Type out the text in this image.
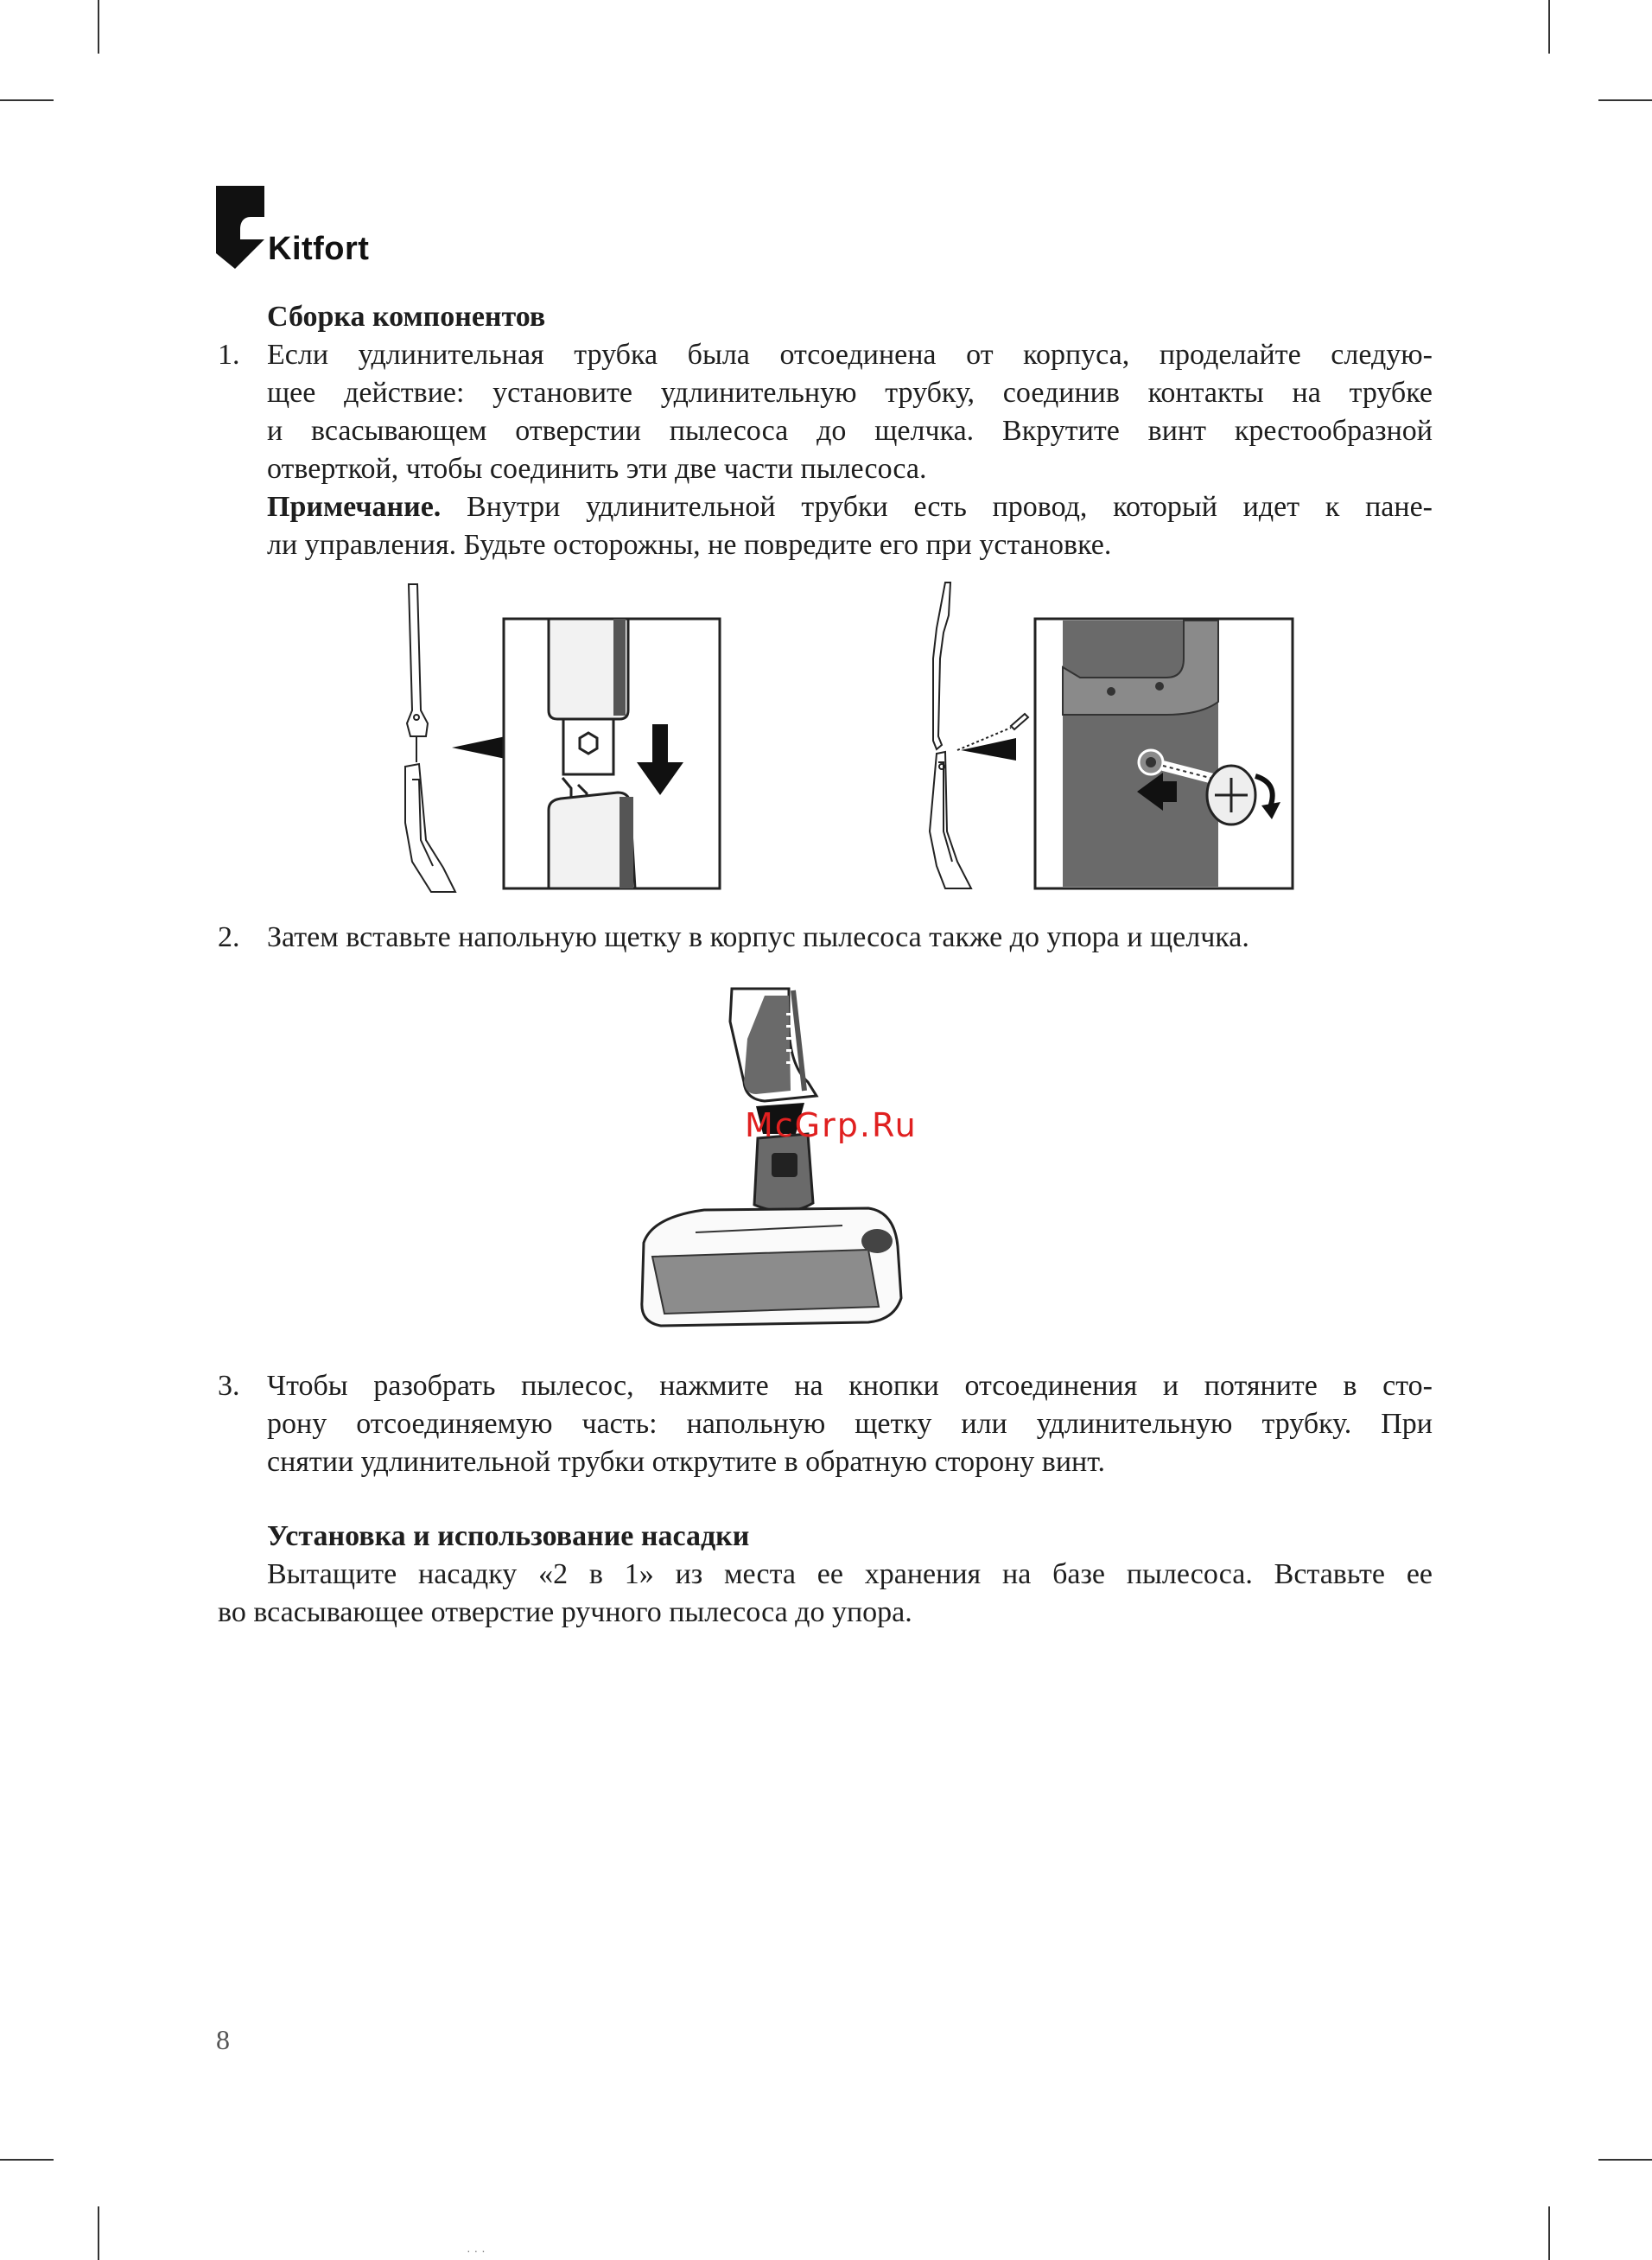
Kitfort
Сборка компонентов
1. Если удлинительная трубка была отсоединена от корпуса, проделайте следую-
щее действие: установите удлинительную трубку, соединив контакты на трубке
и всасывающем отверстии пылесоса до щелчка. Вкрутите винт крестообразной
отверткой, чтобы соединить эти две части пылесоса.
Примечание. Внутри удлинительной трубки есть провод, который идет к пане-
ли управления. Будьте осторожны, не повредите его при установке.
2. Затем вставьте напольную щетку в корпус пылесоса также до упора и щелчка.
3. Чтобы разобрать пылесос, нажмите на кнопки отсоединения и потяните в сто-
рону отсоединяемую часть: напольную щетку или удлинительную трубку. При
снятии удлинительной трубки открутите в обратную сторону винт.
Установка и использование насадки
Вытащите насадку «2 в 1» из места ее хранения на базе пылесоса. Вставьте ее
во всасывающее отверстие ручного пылесоса до упора.
McGrp.Ru
8
· · ·
